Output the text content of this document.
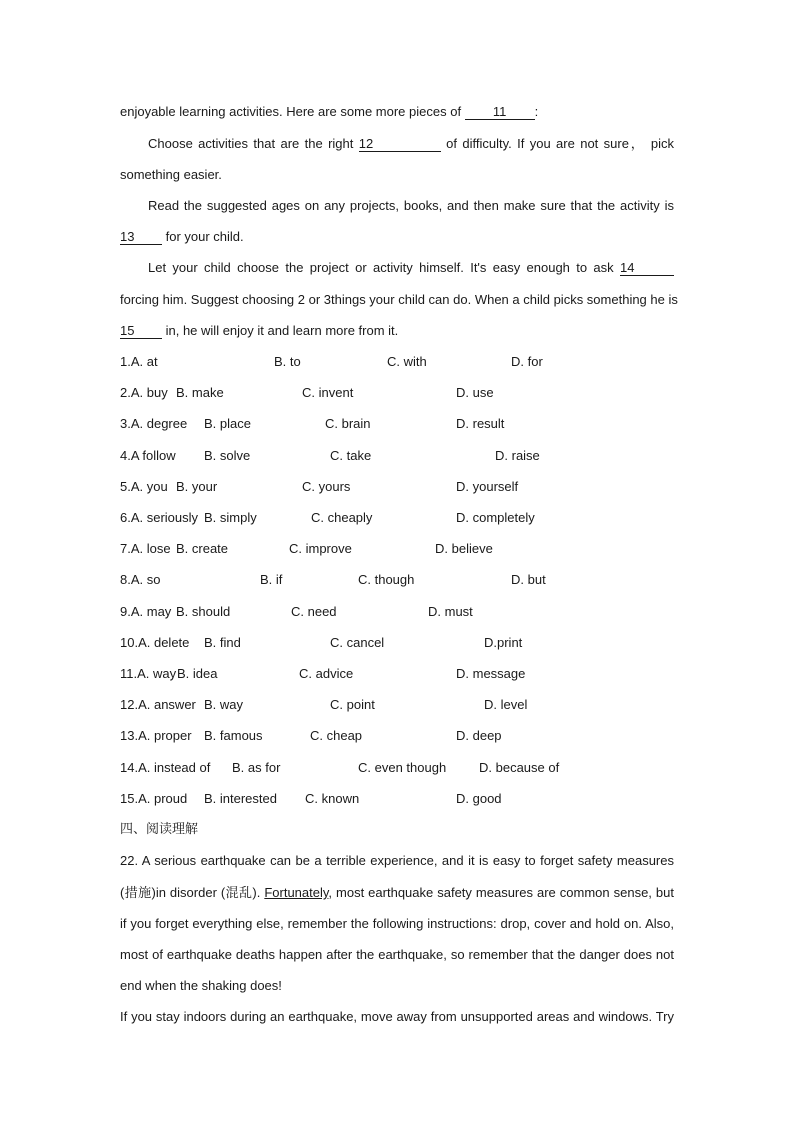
enjoyable learning activities. Here are some more pieces of 11 :
Choose activities that are the right 12	of difficulty. If you are not sure， pick
something easier.
Read the suggested ages on any projects, books, and then make sure that the activity is
13 for your child.
Let your child choose the project or activity himself. It's easy enough to ask 14
forcing him. Suggest choosing 2 or 3things your child can do. When a child picks something he is
15 in, he will enjoy it and learn more from it.
1.A. at	B. to	C. with	D. for
2.A. buy B. make	C. invent	D. use
3.A. degree B. place	C. brain	D. result
4.A follow B. solve	C. take	D. raise
5.A. you B. your	C. yours	D. yourself
6.A. seriously B. simply	C. cheaply	D. completely
7.A. lose B. create	C. improve	D. believe
8.A. so	B. if	C. though	D. but
9.A. may B. should	C. need	D. must
10.A. delete B. find	C. cancel	D.print
11.A. way B. idea	C. advice	D. message
12.A. answer B. way	C. point	D. level
13.A. proper B. famous	C. cheap	D. deep
14.A. instead of B. as for	C. even though	D. because of
15.A. proud B. interested C. known	D. good
四、阅读理解
22. A serious earthquake can be a terrible experience, and it is easy to forget safety measures
(措施)in disorder (混乱). Fortunately, most earthquake safety measures are common sense, but
if you forget everything else, remember the following instructions: drop, cover and hold on. Also,
most of earthquake deaths happen after the earthquake, so remember that the danger does not
end when the shaking does!
If you stay indoors during an earthquake, move away from unsupported areas and windows. Try
